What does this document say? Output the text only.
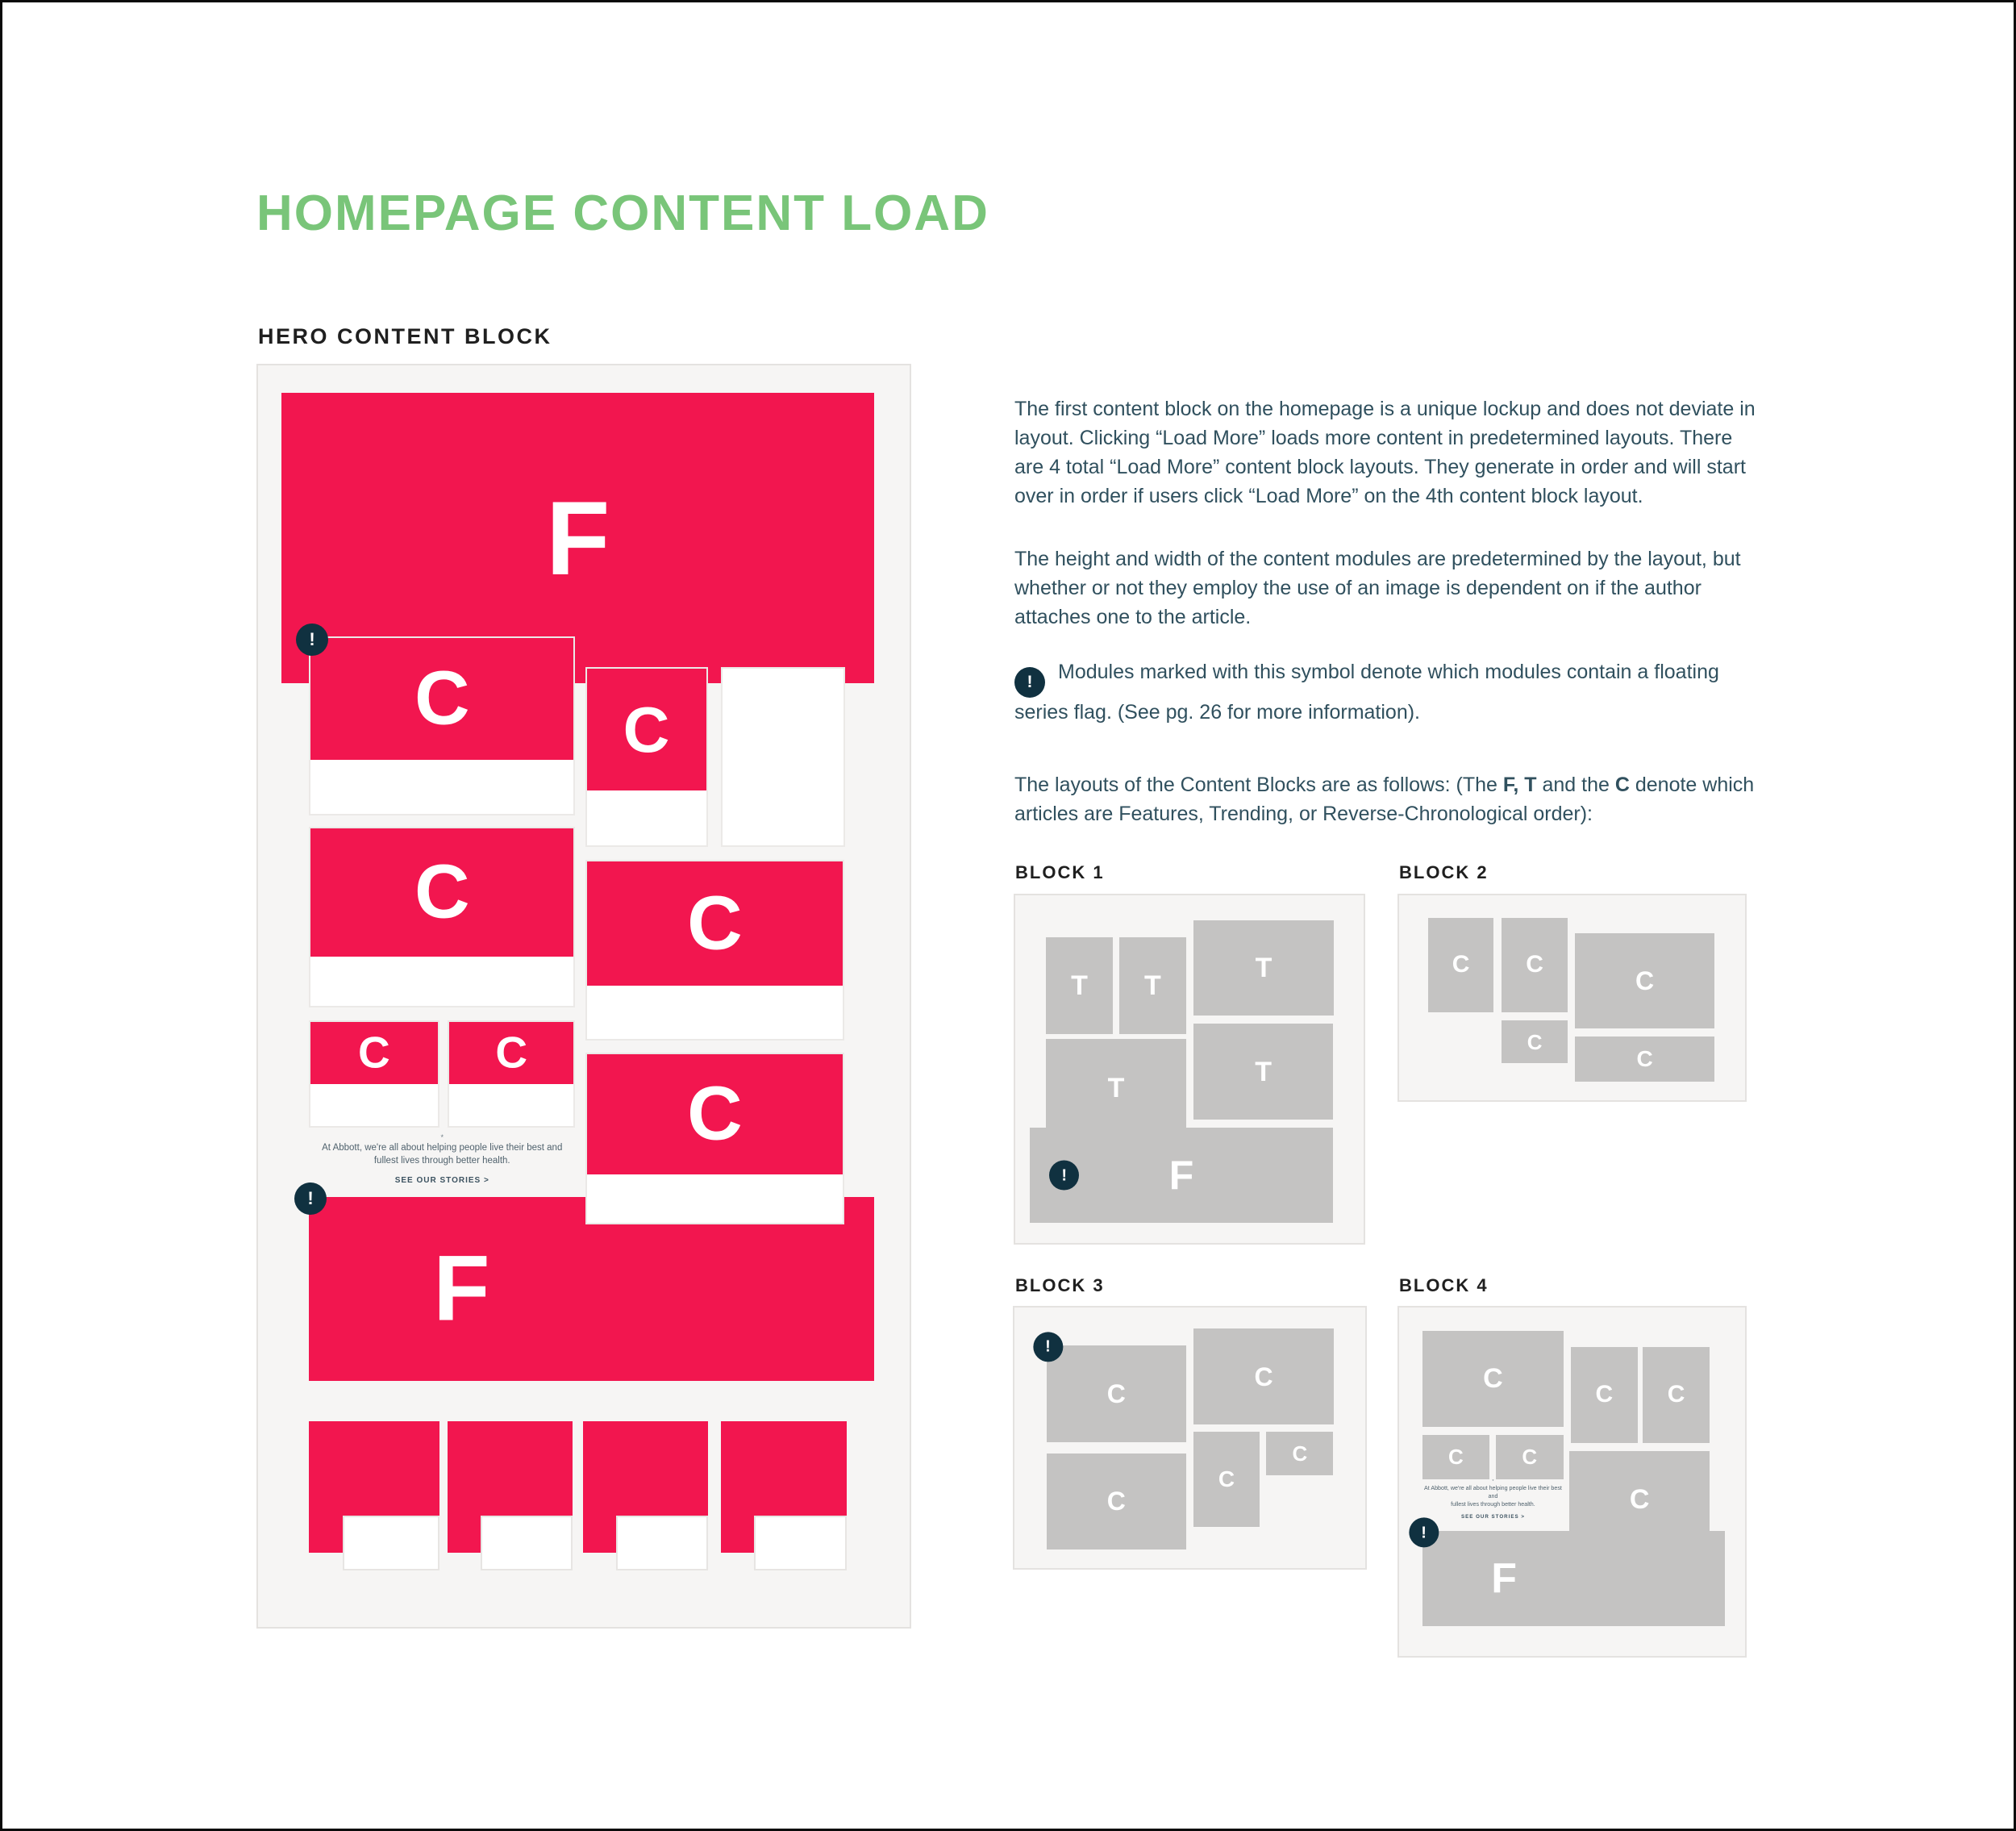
HOMEPAGE CONTENT LOAD
HERO CONTENT BLOCK
F
C
!
C
C
C C
C
*
At Abbott, we're all about helping people live their best and
fullest lives through better health.
SEE OUR STORIES >
F
!
C
The first content block on the homepage is a unique lockup and does not deviate in
layout. Clicking “Load More” loads more content in predetermined layouts. There
are 4 total “Load More” content block layouts. They generate in order and will start
over in order if users click “Load More” on the 4th content block layout.
The height and width of the content modules are predetermined by the layout, but
whether or not they employ the use of an image is dependent on if the author
attaches one to the article.
! Modules marked with this symbol denote which modules contain a floating
series flag. (See pg. 26 for more information).
The layouts of the Content Blocks are as follows: (The F, T and the C denote which
articles are Features, Trending, or Reverse-Chronological order):
BLOCK 1	BLOCK 2
BLOCK 3	BLOCK 4
T T
T
T
F
!
T
C C
C
C
C
C
!
C
C
C
C
C
C	C
*
At Abbott, we're all about helping people live their best and
fullest lives through better health.
SEE OUR STORIES >
C C
F
!
C
